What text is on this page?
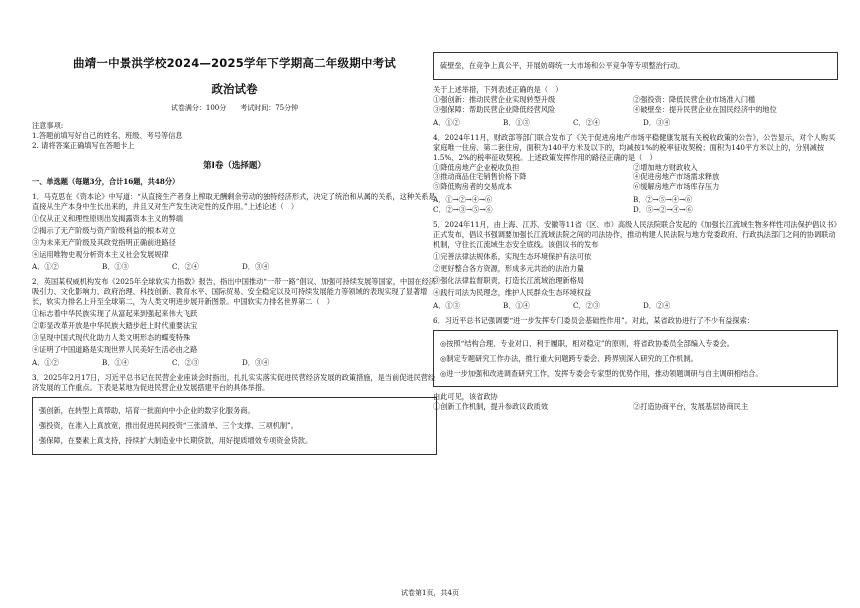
曲靖一中景洪学校2024—2025学年下学期高二年级期中考试

政治试卷

试卷满分：100分　　考试时间：75分钟

注意事项:

1.答题前填写好自己的姓名、班级、考号等信息

2. 请将答案正确填写在答题卡上

第Ⅰ卷（选择题）

一、单选题（每题3分，合计16题，共48分）

1．马克思在《资本论》中写道：“从直接生产者身上榨取无酬剩余劳动的独特经济形式，决定了统治和从属的关系，这种关系是直接从生产本身中生长出来的，并且又对生产发生决定性的反作用。”上述论述（　）

①仅从正义和理性原则出发揭露资本主义的弊端

②揭示了无产阶级与资产阶级利益的根本对立

③为未来无产阶级及其政党指明正确前进路径

④运用唯物史观分析资本主义社会发展规律

A．①②	B．①③	C．②④	D．③④

2．英国某权威机构发布《2025年全球软实力指数》报告，指出中国推动“一带一路”倡议、加强可持续发展等国家，中国在经济吸引力、文化影响力、政府治理、科技创新、教育水平、国际贸易、安全稳定以及可持续发展能力等领域的表现实现了显著增长，软实力排名上升至全球第二，为人类文明进步展开新图景。中国软实力排名世界第二（　）

①标志着中华民族实现了从富起来到强起来伟大飞跃

②彰显改革开放是中华民族大踏步赶上时代重要法宝

③呈现中国式现代化助力人类文明形态的蝶变特殊

④证明了中国道路是实现世界人民美好生活必由之路

A．①②	B．①④	C．②③	D．③④

3．2025年2月17日，习近平总书记在民营企业座谈会时指出，扎扎实实落实促进民营经济发展的政策措施，是当前促进民营经济发展的工作重点。下表是某地为促进民营企业发展搭建平台的具体举措。

强创新，在转型上真帮助，培育一批面向中小企业的数字化服务商。

强投资，在准入上真放宽，推出促进民间投资“三张清单、三个支撑、三项机制”。

强保障，在要素上真支持，持续扩大制造业中长期贷款，用好提质增效专项资金贷款。

硫壁垒，在竞争上真公平，开展妨碍统一大市场和公平竞争等专项整治行动。

关于上述举措，下列表述正确的是（　）

①强创新：推动民营企业实现转型升级	②强投资：降低民营企业市场准入门槛
③强保障：帮助民营企业降低经营风险	④破壁垒：提升民营企业在国民经济中的地位
A．①②	B．①③	C．②④	D．③④

4．2024年11月，财政部等部门联合发布了《关于促进房地产市场平稳健康发展有关税收政策的公告》，公告显示，对个人购买家庭唯一住房、第二套住房，面积为140平方米及以下的，均减按1%的税率征收契税；面积为140平方米以上的，分别减按1.5%、2%的税率征收契税。上述政策发挥作用的路径正确的是（　）

①降低房地产企业税收负担	②增加地方财政收入
③推动商品住宅销售价格下降	④促进房地产市场需求释放
⑤降低购房者的交易成本	⑥缓解房地产市场库存压力
A．①→②→④→⑥	B．②→⑤→④→⑥
C．②→③→⑤→⑥	D．⑤→②→④→⑥

5．2024年11月，由上海、江苏、安徽等11省（区、市）高级人民法院联合发起的《加强长江流域生物多样性司法保护倡议书》正式发布，倡议书强调要加强长江流域法院之间的司法协作，推动构建人民法院与地方党委政府、行政执法部门之间的协调联动机制，守住长江流域生态安全底线。该倡议书的发布

①完善法律法规体系，实现生态环境保护有法可依

②更好整合各方资源，形成多元共治的法治力量

③强化法律监督职责，打造长江流域治理新格局

④践行司法为民理念，维护人民群众生态环境权益

A．①③	B．①④	C．②③	D．②④

6．习近平总书记强调要“进一步发挥专门委员会基础性作用”。对此，某省政协进行了不少有益探索：

◎按照“结构合理、专业对口、利于履职，相对稳定”的原则，将省政协委员全部编入专委会。

◎制定专题研究工作办法，推行重大问题跨专委会、跨界别深入研究的工作机制。

◎进一步加强和改进调查研究工作，发挥专委会专家型的优势作用，推动领题调研与自主调研相结合。

由此可见，该省政协

①创新工作机制，提升参政议政质效	②打造协商平台，发展基层协商民主
试卷第1页，共4页
